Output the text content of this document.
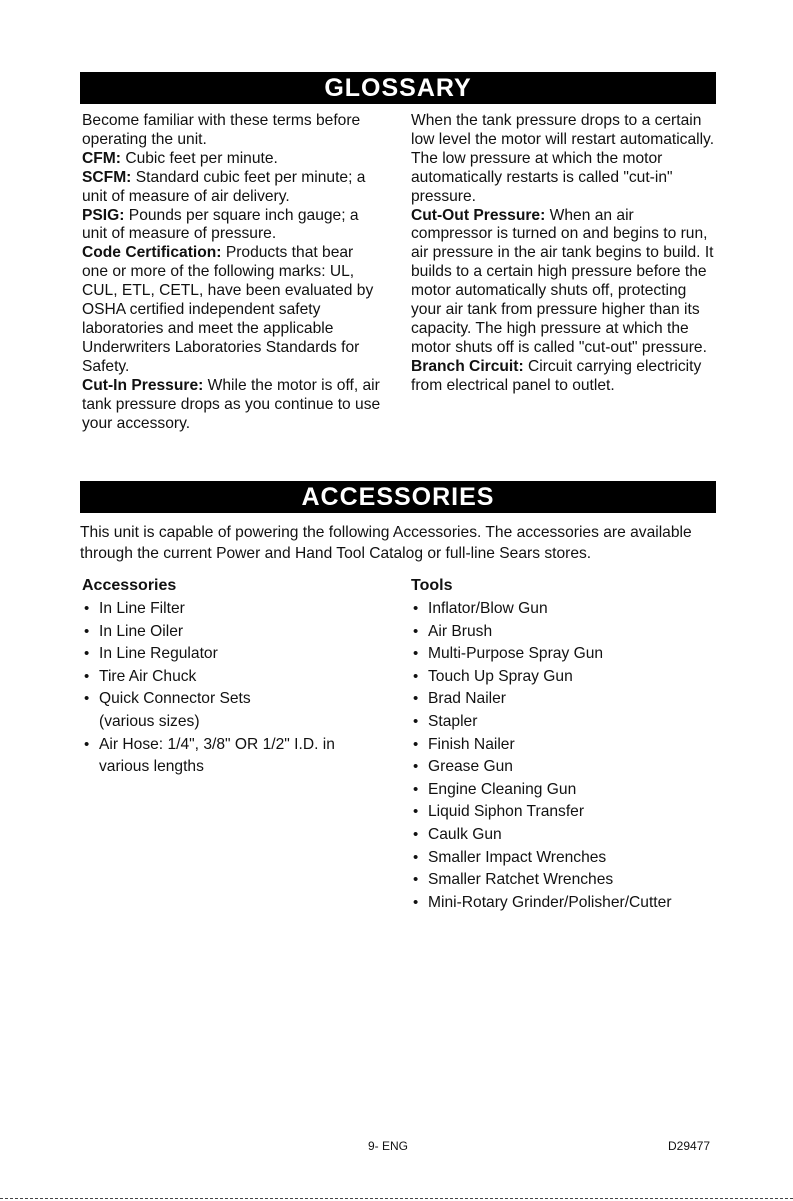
GLOSSARY

Become familiar with these terms before operating the unit.

CFM: Cubic feet per minute.

SCFM: Standard cubic feet per minute; a unit of measure of air delivery.

PSIG: Pounds per square inch gauge; a unit of measure of pressure.

Code Certification: Products that bear one or more of the following marks: UL, CUL, ETL, CETL, have been evaluated by OSHA certified independent safety laboratories and meet the applicable Underwriters Laboratories Standards for Safety.

Cut-In Pressure: While the motor is off, air tank pressure drops as you continue to use your accessory.

When the tank pressure drops to a certain low level the motor will restart automatically. The low pressure at which the motor automatically restarts is called "cut-in" pressure.

Cut-Out Pressure: When an air compressor is turned on and begins to run, air pressure in the air tank begins to build. It builds to a certain high pressure before the motor automatically shuts off, protecting your air tank from pressure higher than its capacity. The high pressure at which the motor shuts off is called "cut-out" pressure.

Branch Circuit: Circuit carrying electricity from electrical panel to outlet.

ACCESSORIES
This unit is capable of powering the following Accessories. The accessories are available through the current Power and Hand Tool Catalog or full-line Sears stores.
Accessories
• In Line Filter
• In Line Oiler
• In Line Regulator
• Tire Air Chuck
• Quick Connector Sets
(various sizes)
• Air Hose: 1/4", 3/8" OR 1/2" I.D. in
various lengths
Tools
• Inflator/Blow Gun
• Air Brush
• Multi-Purpose Spray Gun
• Touch Up Spray Gun
• Brad Nailer
• Stapler
• Finish Nailer
• Grease Gun
• Engine Cleaning Gun
• Liquid Siphon Transfer
• Caulk Gun
• Smaller Impact Wrenches
• Smaller Ratchet Wrenches
• Mini-Rotary Grinder/Polisher/Cutter
9- ENG	D29477
